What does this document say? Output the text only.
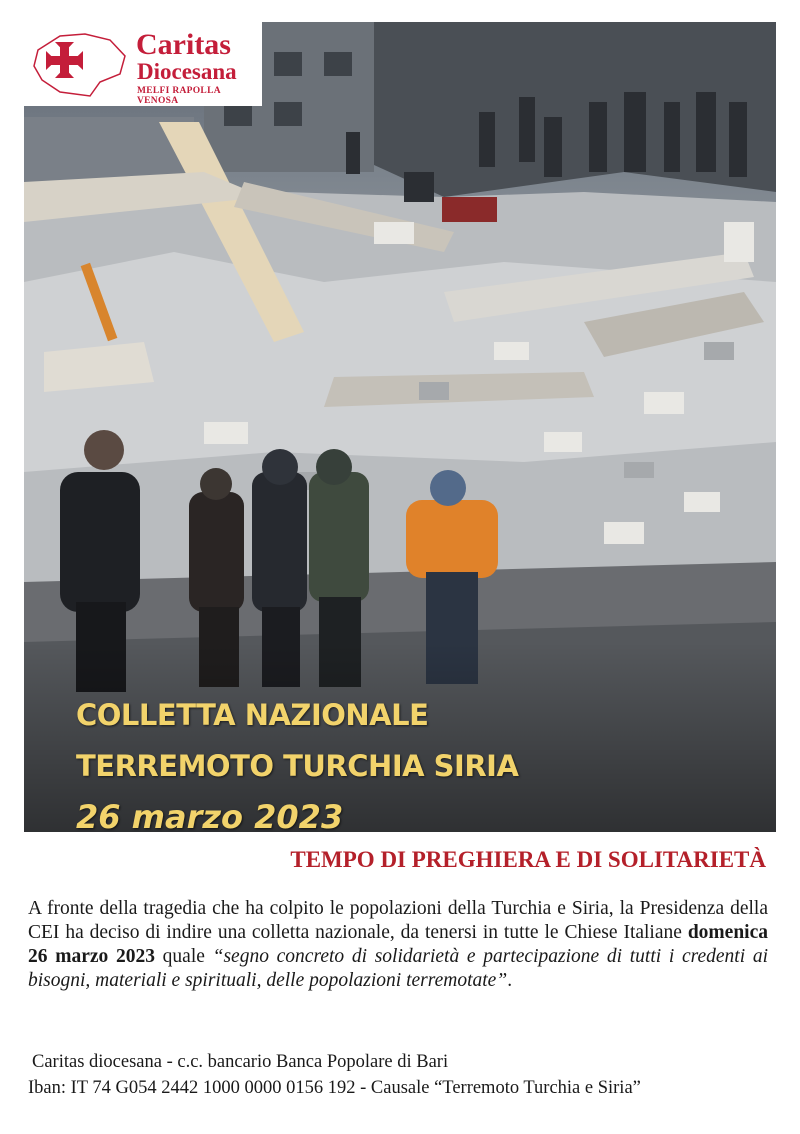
COLLETTA NAZIONALE
TERREMOTO TURCHIA SIRIA
26 marzo 2023
Caritas
Diocesana
MELFI RAPOLLA VENOSA
TEMPO DI PREGHIERA E DI SOLITARIETÀ
A fronte della tragedia che ha colpito le popolazioni della Turchia e Siria, la Presidenza della CEI ha deciso di indire una colletta nazionale, da tenersi in tutte le Chiese Italiane domenica 26 marzo 2023 quale “segno concreto di solidarietà e partecipazione di tutti i credenti ai bisogni, materiali e spirituali, delle popolazioni terremotate”.
Caritas diocesana - c.c. bancario Banca Popolare di Bari
Iban: IT 74 G054 2442 1000 0000 0156 192 - Causale “Terremoto Turchia e Siria”
